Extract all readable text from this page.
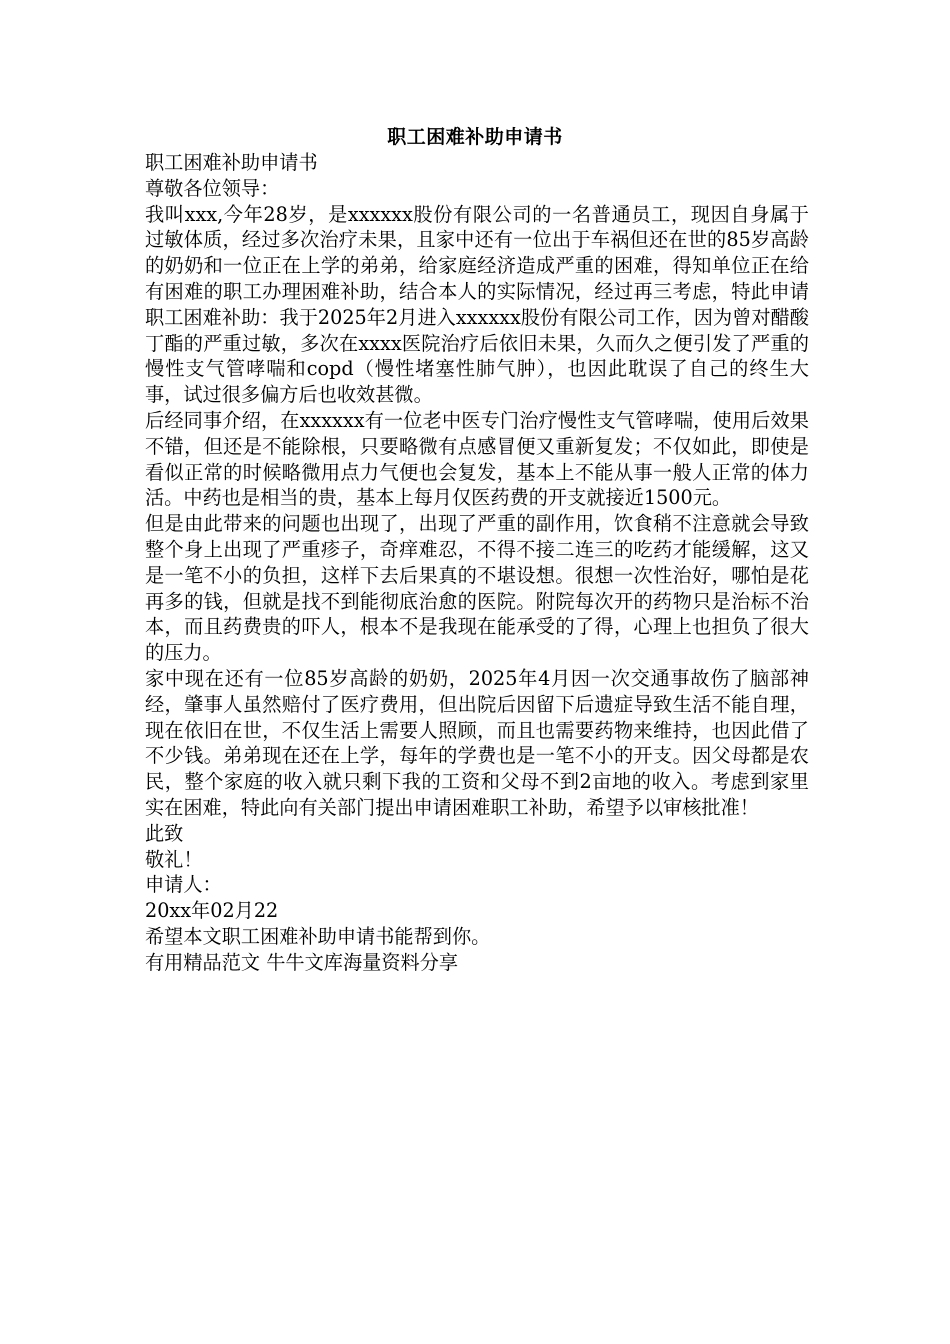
职工困难补助申请书

职工困难补助申请书

尊敬各位领导：

我叫xxx,今年28岁，是xxxxxx股份有限公司的一名普通员工，现因自身属于过敏体质，经过多次治疗未果，且家中还有一位出于车祸但还在世的85岁高龄的奶奶和一位正在上学的弟弟，给家庭经济造成严重的困难，得知单位正在给有困难的职工办理困难补助，结合本人的实际情况，经过再三考虑，特此申请职工困难补助：我于2025年2月进入xxxxxx股份有限公司工作，因为曾对醋酸丁酯的严重过敏，多次在xxxx医院治疗后依旧未果，久而久之便引发了严重的慢性支气管哮喘和copd（慢性堵塞性肺气肿），也因此耽误了自己的终生大事，试过很多偏方后也收效甚微。

后经同事介绍，在xxxxxx有一位老中医专门治疗慢性支气管哮喘，使用后效果不错，但还是不能除根，只要略微有点感冒便又重新复发；不仅如此，即使是看似正常的时候略微用点力气便也会复发，基本上不能从事一般人正常的体力活。中药也是相当的贵，基本上每月仅医药费的开支就接近1500元。

但是由此带来的问题也出现了，出现了严重的副作用，饮食稍不注意就会导致整个身上出现了严重疹子，奇痒难忍，不得不接二连三的吃药才能缓解，这又是一笔不小的负担，这样下去后果真的不堪设想。很想一次性治好，哪怕是花再多的钱，但就是找不到能彻底治愈的医院。附院每次开的药物只是治标不治本，而且药费贵的吓人，根本不是我现在能承受的了得，心理上也担负了很大的压力。

家中现在还有一位85岁高龄的奶奶，2025年4月因一次交通事故伤了脑部神经，肇事人虽然赔付了医疗费用，但出院后因留下后遗症导致生活不能自理，现在依旧在世，不仅生活上需要人照顾，而且也需要药物来维持，也因此借了不少钱。弟弟现在还在上学，每年的学费也是一笔不小的开支。因父母都是农民，整个家庭的收入就只剩下我的工资和父母不到2亩地的收入。考虑到家里实在困难，特此向有关部门提出申请困难职工补助，希望予以审核批准！

此致

敬礼！

申请人：

20xx年02月22

希望本文职工困难补助申请书能帮到你。

有用精品范文 牛牛文库海量资料分享
